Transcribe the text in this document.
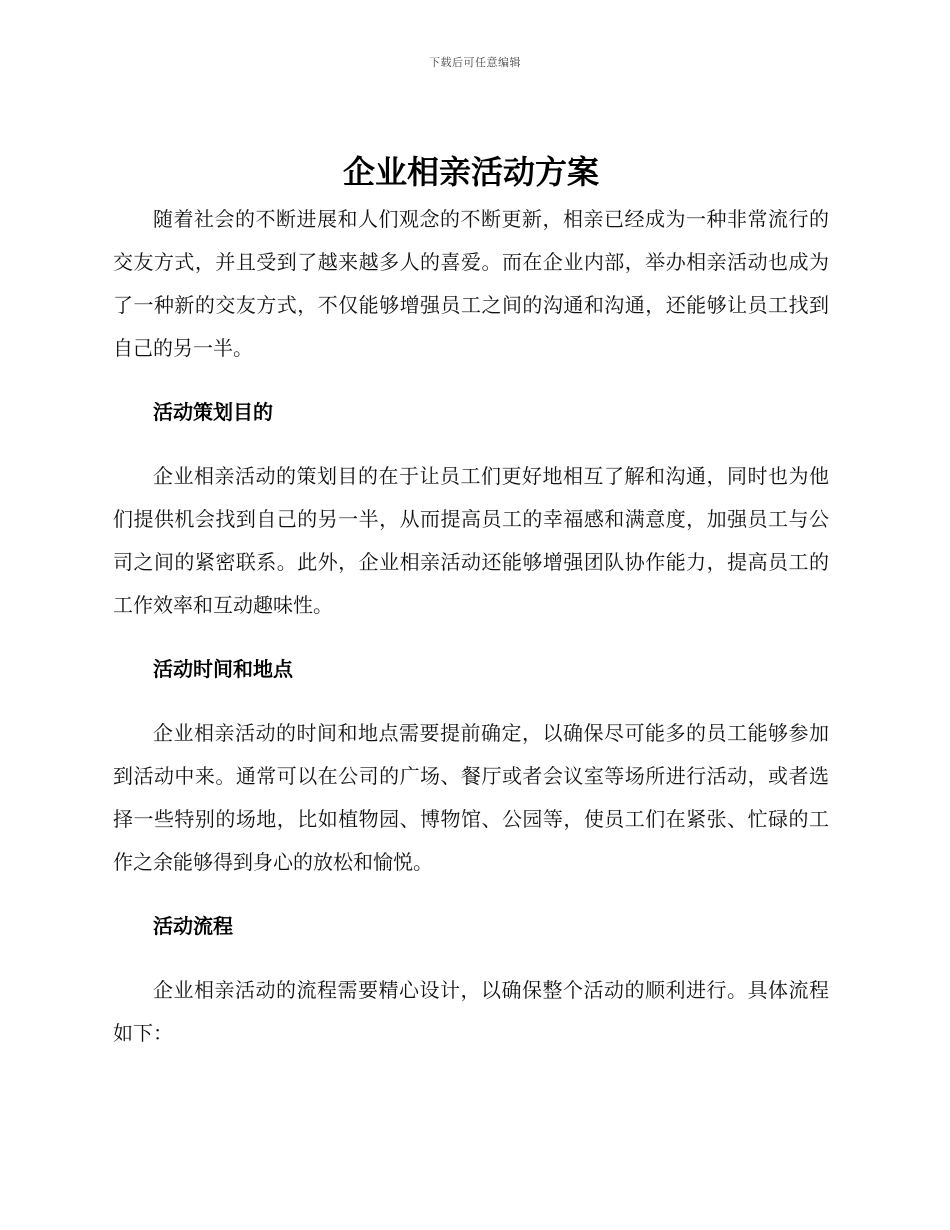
下载后可任意编辑
企业相亲活动方案

随着社会的不断进展和人们观念的不断更新，相亲已经成为一种非常流行的交友方式，并且受到了越来越多人的喜爱。而在企业内部，举办相亲活动也成为了一种新的交友方式，不仅能够增强员工之间的沟通和沟通，还能够让员工找到自己的另一半。

活动策划目的

企业相亲活动的策划目的在于让员工们更好地相互了解和沟通，同时也为他们提供机会找到自己的另一半，从而提高员工的幸福感和满意度，加强员工与公司之间的紧密联系。此外，企业相亲活动还能够增强团队协作能力，提高员工的工作效率和互动趣味性。

活动时间和地点

企业相亲活动的时间和地点需要提前确定，以确保尽可能多的员工能够参加到活动中来。通常可以在公司的广场、餐厅或者会议室等场所进行活动，或者选择一些特别的场地，比如植物园、博物馆、公园等，使员工们在紧张、忙碌的工作之余能够得到身心的放松和愉悦。

活动流程

企业相亲活动的流程需要精心设计，以确保整个活动的顺利进行。具体流程如下：
